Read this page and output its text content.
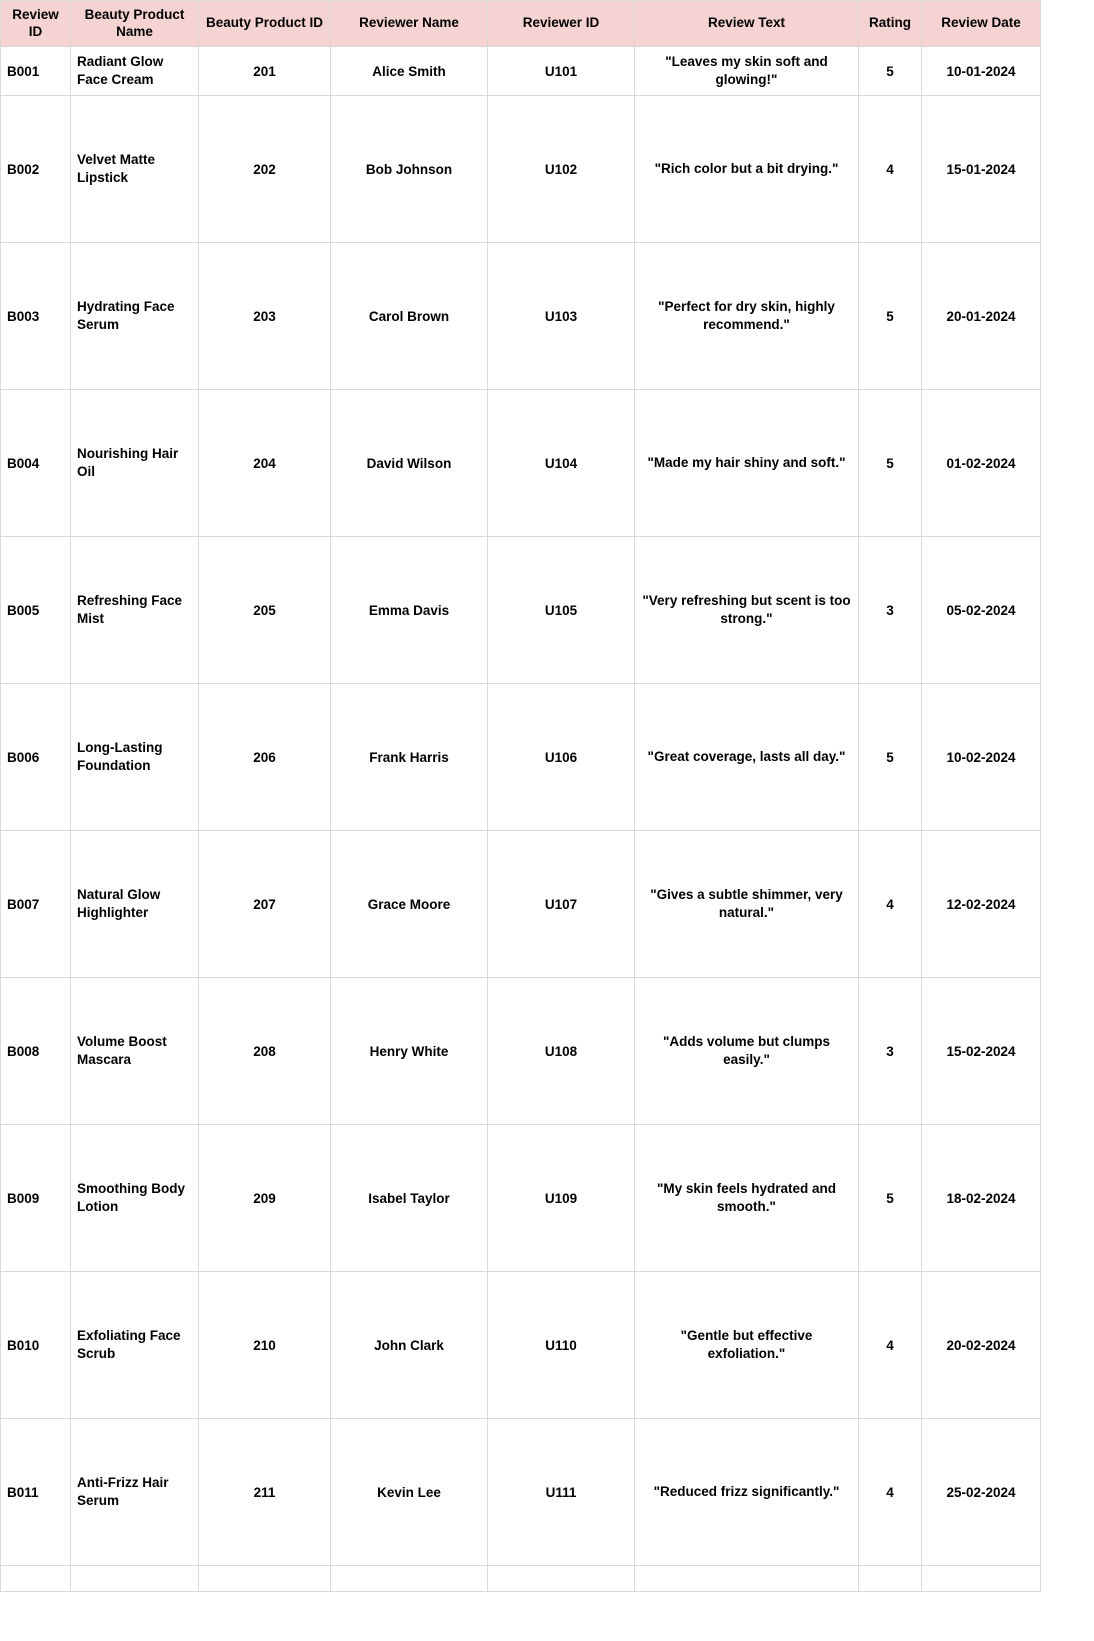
Review ID	Beauty Product Name	Beauty Product ID	Reviewer Name	Reviewer ID	Review Text	Rating	Review Date
B001	Radiant Glow Face Cream	201	Alice Smith	U101	"Leaves my skin soft and glowing!"	5	10-01-2024
B002	Velvet Matte Lipstick	202	Bob Johnson	U102	"Rich color but a bit drying."	4	15-01-2024
B003	Hydrating Face Serum	203	Carol Brown	U103	"Perfect for dry skin, highly recommend."	5	20-01-2024
B004	Nourishing Hair Oil	204	David Wilson	U104	"Made my hair shiny and soft."	5	01-02-2024
B005	Refreshing Face Mist	205	Emma Davis	U105	"Very refreshing but scent is too strong."	3	05-02-2024
B006	Long-Lasting Foundation	206	Frank Harris	U106	"Great coverage, lasts all day."	5	10-02-2024
B007	Natural Glow Highlighter	207	Grace Moore	U107	"Gives a subtle shimmer, very natural."	4	12-02-2024
B008	Volume Boost Mascara	208	Henry White	U108	"Adds volume but clumps easily."	3	15-02-2024
B009	Smoothing Body Lotion	209	Isabel Taylor	U109	"My skin feels hydrated and smooth."	5	18-02-2024
B010	Exfoliating Face Scrub	210	John Clark	U110	"Gentle but effective exfoliation."	4	20-02-2024
B011	Anti-Frizz Hair Serum	211	Kevin Lee	U111	"Reduced frizz significantly."	4	25-02-2024
